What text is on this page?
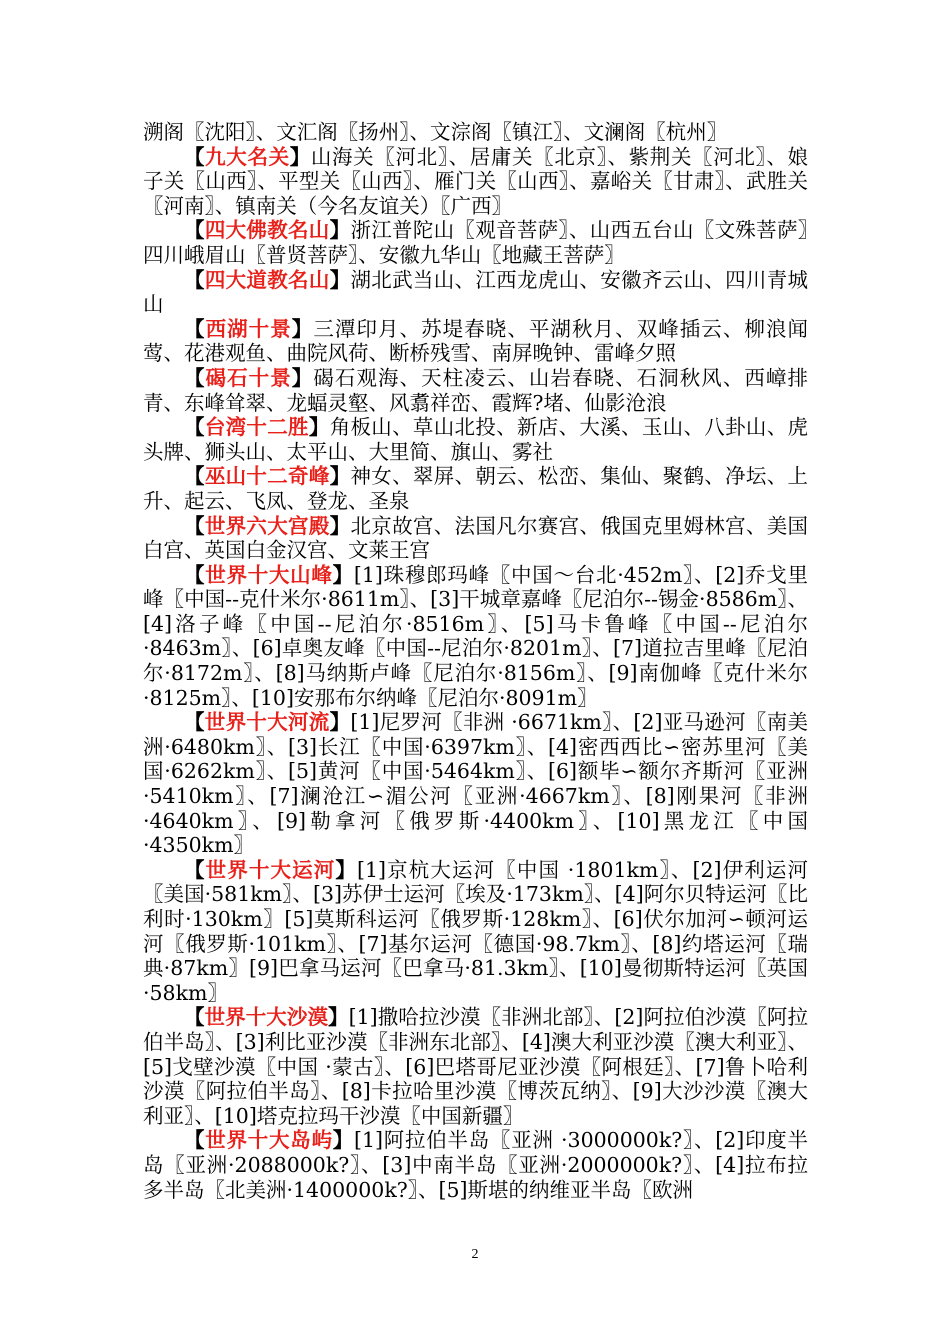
溯阁〖沈阳〗、文汇阁〖扬州〗、文淙阁〖镇江〗、文澜阁〖杭州〗

【九大名关】山海关〖河北〗、居庸关〖北京〗、紫荆关〖河北〗、娘子关〖山西〗、平型关〖山西〗、雁门关〖山西〗、嘉峪关〖甘肃〗、武胜关〖河南〗、镇南关（今名友谊关）〖广西〗

【四大佛教名山】浙江普陀山〖观音菩萨〗、山西五台山〖文殊菩萨〗四川峨眉山〖普贤菩萨〗、安徽九华山〖地藏王菩萨〗

【四大道教名山】湖北武当山、江西龙虎山、安徽齐云山、四川青城山

【西湖十景】三潭印月、苏堤春晓、平湖秋月、双峰插云、柳浪闻莺、花港观鱼、曲院风荷、断桥残雪、南屏晚钟、雷峰夕照

【碣石十景】碣石观海、天柱凌云、山岩春晓、石洞秋风、西嶂排青、东峰耸翠、龙蝠灵壑、风翥祥峦、霞辉?堵、仙影沧浪

【台湾十二胜】角板山、草山北投、新店、大溪、玉山、八卦山、虎头牌、狮头山、太平山、大里简、旗山、雾社

【巫山十二奇峰】神女、翠屏、朝云、松峦、集仙、聚鹤、净坛、上升、起云、飞凤、登龙、圣泉

【世界六大宫殿】北京故宫、法国凡尔赛宫、俄国克里姆林宫、美国白宫、英国白金汉宫、文莱王宫

【世界十大山峰】[1]珠穆郎玛峰〖中国～台北·452m〗、[2]乔戈里峰〖中国--克什米尔·8611m〗、[3]干城章嘉峰〖尼泊尔--锡金·8586m〗、[4]洛子峰〖中国--尼泊尔·8516m〗、[5]马卡鲁峰〖中国--尼泊尔·8463m〗、[6]卓奥友峰〖中国--尼泊尔·8201m〗、[7]道拉吉里峰〖尼泊尔·8172m〗、[8]马纳斯卢峰〖尼泊尔·8156m〗、[9]南伽峰〖克什米尔·8125m〗、[10]安那布尔纳峰〖尼泊尔·8091m〗

【世界十大河流】[1]尼罗河〖非洲 ·6671km〗、[2]亚马逊河〖南美洲·6480km〗、[3]长江〖中国·6397km〗、[4]密西西比∽密苏里河〖美国·6262km〗、[5]黄河〖中国·5464km〗、[6]额毕∽额尔齐斯河〖亚洲·5410km〗、[7]澜沧江∽湄公河〖亚洲·4667km〗、[8]刚果河〖非洲·4640km〗、[9]勒拿河〖俄罗斯·4400km〗、[10]黑龙江〖中国·4350km〗

【世界十大运河】[1]京杭大运河〖中国 ·1801km〗、[2]伊利运河〖美国·581km〗、[3]苏伊士运河〖埃及·173km〗、[4]阿尔贝特运河〖比利时·130km〗[5]莫斯科运河〖俄罗斯·128km〗、[6]伏尔加河∽顿河运河〖俄罗斯·101km〗、[7]基尔运河〖德国·98.7km〗、[8]约塔运河〖瑞典·87km〗[9]巴拿马运河〖巴拿马·81.3km〗、[10]曼彻斯特运河〖英国·58km〗

【世界十大沙漠】[1]撒哈拉沙漠〖非洲北部〗、[2]阿拉伯沙漠〖阿拉伯半岛〗、[3]利比亚沙漠〖非洲东北部〗、[4]澳大利亚沙漠〖澳大利亚〗、[5]戈壁沙漠〖中国 ·蒙古〗、[6]巴塔哥尼亚沙漠〖阿根廷〗、[7]鲁卜哈利沙漠〖阿拉伯半岛〗、[8]卡拉哈里沙漠〖博茨瓦纳〗、[9]大沙沙漠〖澳大利亚〗、[10]塔克拉玛干沙漠〖中国新疆〗

【世界十大岛屿】[1]阿拉伯半岛〖亚洲 ·3000000k?〗、[2]印度半岛〖亚洲·2088000k?〗、[3]中南半岛〖亚洲·2000000k?〗、[4]拉布拉多半岛〖北美洲·1400000k?〗、[5]斯堪的纳维亚半岛〖欧洲

2
